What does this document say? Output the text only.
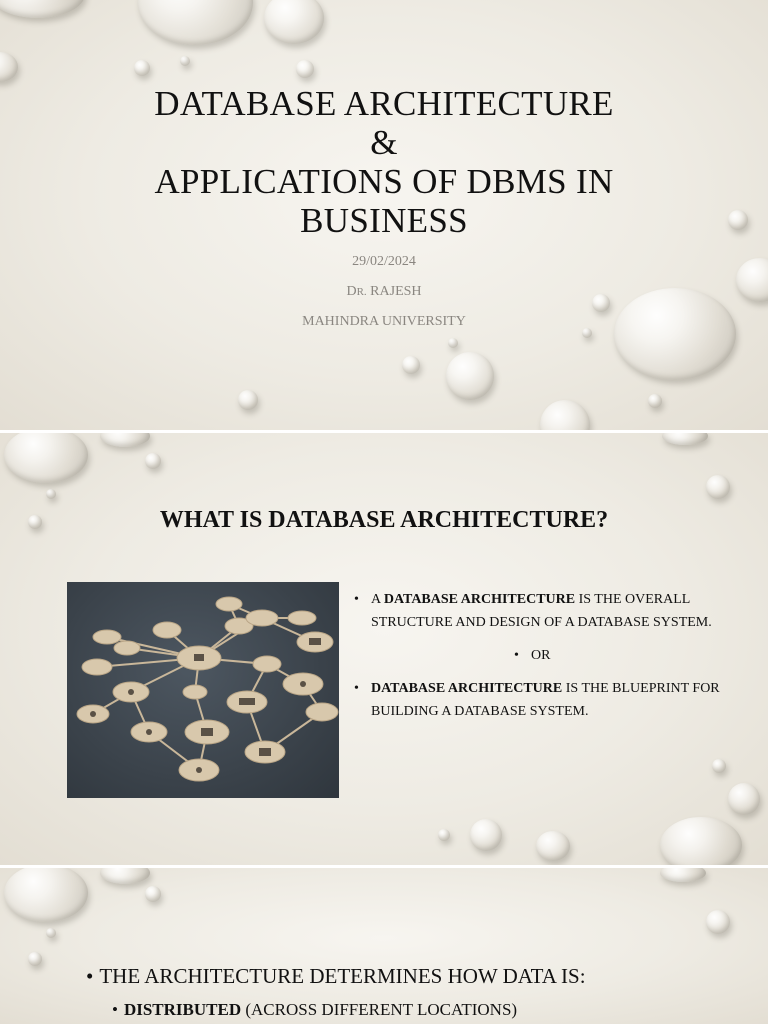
DATABASE ARCHITECTURE
&
APPLICATIONS OF DBMS IN
BUSINESS
29/02/2024
DR. RAJESH
MAHINDRA UNIVERSITY
WHAT IS DATABASE ARCHITECTURE?
• A DATABASE ARCHITECTURE IS THE OVERALL STRUCTURE AND DESIGN OF A DATABASE SYSTEM.
• OR
• DATABASE ARCHITECTURE IS THE BLUEPRINT FOR BUILDING A DATABASE SYSTEM.
• THE ARCHITECTURE DETERMINES HOW DATA IS:
• DISTRIBUTED (ACROSS DIFFERENT LOCATIONS)
